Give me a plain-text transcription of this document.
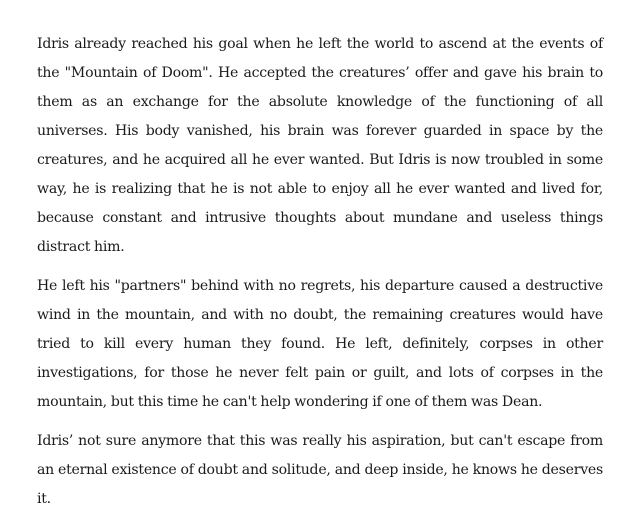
Idris already reached his goal when he left the world to ascend at the events of the "Mountain of Doom". He accepted the creatures’ offer and gave his brain to them as an exchange for the absolute knowledge of the functioning of all universes. His body vanished, his brain was forever guarded in space by the creatures, and he acquired all he ever wanted. But Idris is now troubled in some way, he is realizing that he is not able to enjoy all he ever wanted and lived for, because constant and intrusive thoughts about mundane and useless things distract him.

He left his "partners" behind with no regrets, his departure caused a destructive wind in the mountain, and with no doubt, the remaining creatures would have tried to kill every human they found. He left, definitely, corpses in other investigations, for those he never felt pain or guilt, and lots of corpses in the mountain, but this time he can't help wondering if one of them was Dean.

Idris’ not sure anymore that this was really his aspiration, but can't escape from an eternal existence of doubt and solitude, and deep inside, he knows he deserves it.
